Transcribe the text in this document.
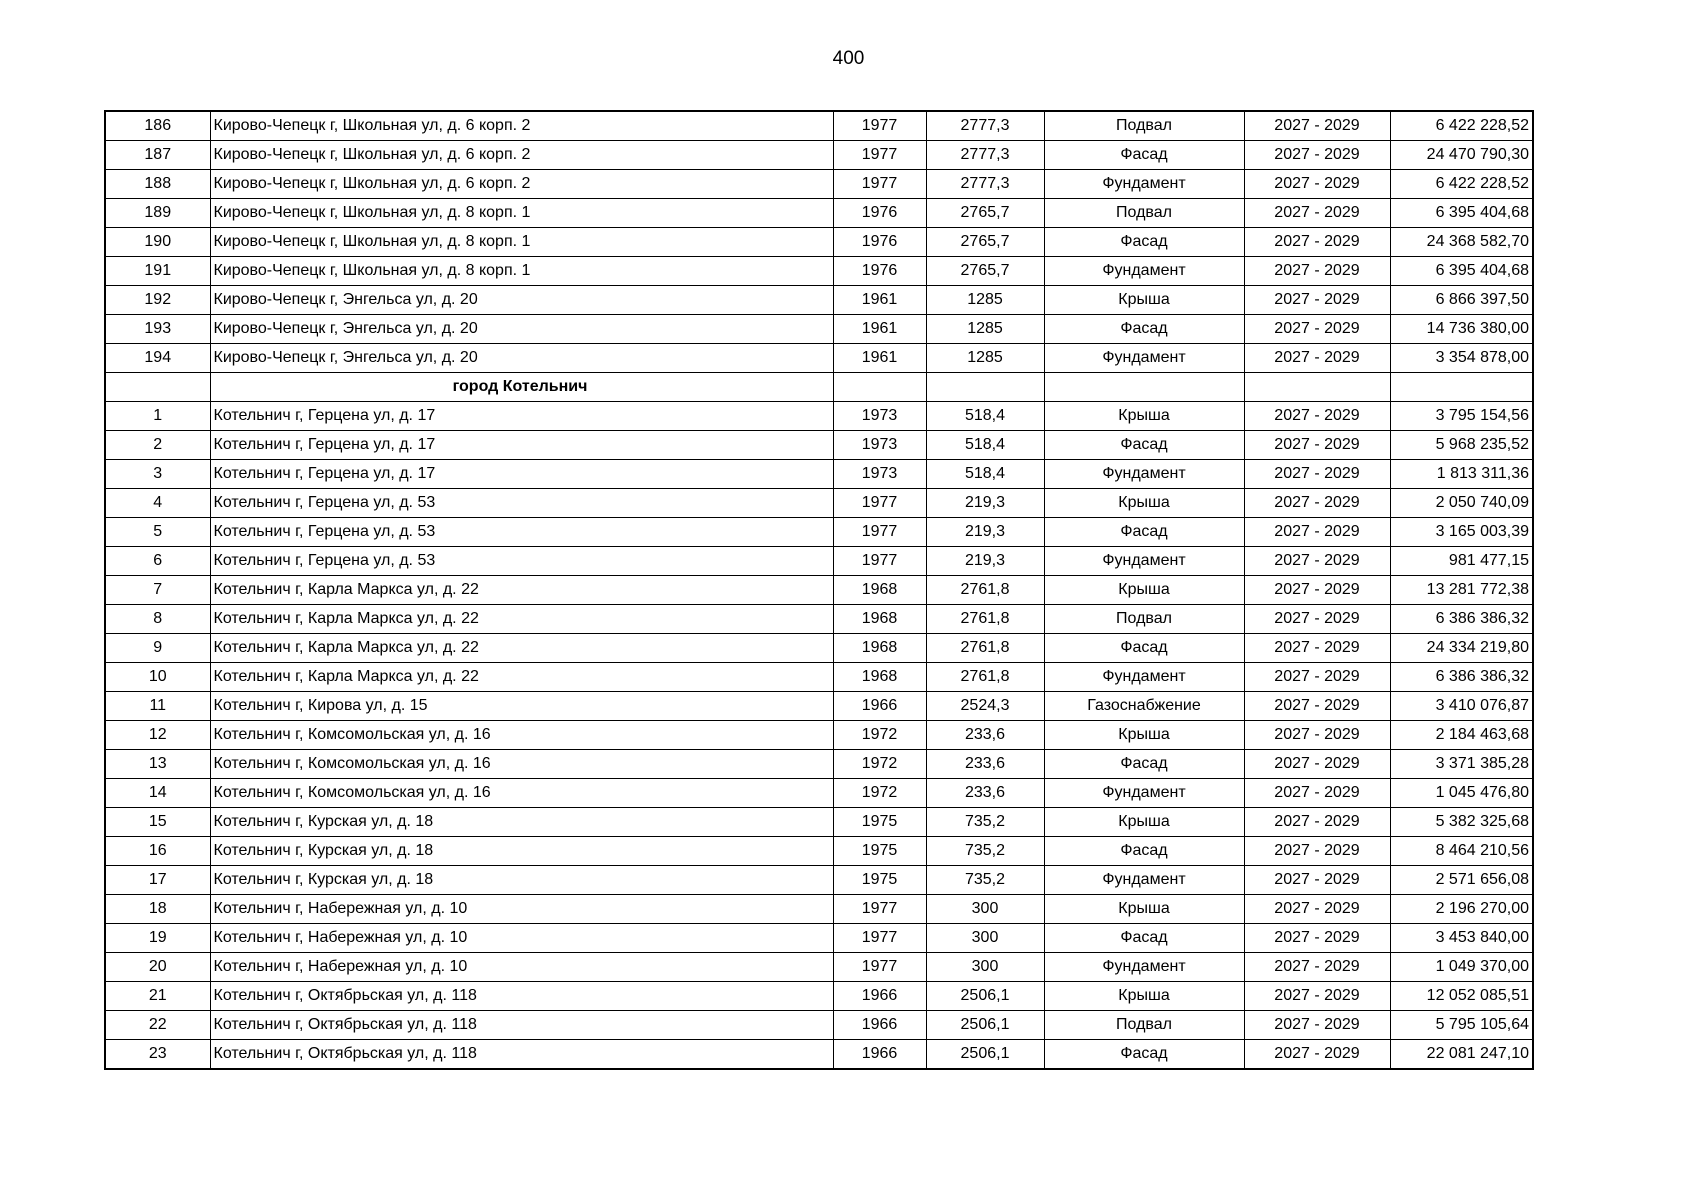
400
186	Кирово-Чепецк г, Школьная ул, д. 6 корп. 2	1977	2777,3	Подвал	2027 - 2029	6 422 228,52
187	Кирово-Чепецк г, Школьная ул, д. 6 корп. 2	1977	2777,3	Фасад	2027 - 2029	24 470 790,30
188	Кирово-Чепецк г, Школьная ул, д. 6 корп. 2	1977	2777,3	Фундамент	2027 - 2029	6 422 228,52
189	Кирово-Чепецк г, Школьная ул, д. 8 корп. 1	1976	2765,7	Подвал	2027 - 2029	6 395 404,68
190	Кирово-Чепецк г, Школьная ул, д. 8 корп. 1	1976	2765,7	Фасад	2027 - 2029	24 368 582,70
191	Кирово-Чепецк г, Школьная ул, д. 8 корп. 1	1976	2765,7	Фундамент	2027 - 2029	6 395 404,68
192	Кирово-Чепецк г, Энгельса ул, д. 20	1961	1285	Крыша	2027 - 2029	6 866 397,50
193	Кирово-Чепецк г, Энгельса ул, д. 20	1961	1285	Фасад	2027 - 2029	14 736 380,00
194	Кирово-Чепецк г, Энгельса ул, д. 20	1961	1285	Фундамент	2027 - 2029	3 354 878,00
	город Котельнич					
1	Котельнич г, Герцена ул, д. 17	1973	518,4	Крыша	2027 - 2029	3 795 154,56
2	Котельнич г, Герцена ул, д. 17	1973	518,4	Фасад	2027 - 2029	5 968 235,52
3	Котельнич г, Герцена ул, д. 17	1973	518,4	Фундамент	2027 - 2029	1 813 311,36
4	Котельнич г, Герцена ул, д. 53	1977	219,3	Крыша	2027 - 2029	2 050 740,09
5	Котельнич г, Герцена ул, д. 53	1977	219,3	Фасад	2027 - 2029	3 165 003,39
6	Котельнич г, Герцена ул, д. 53	1977	219,3	Фундамент	2027 - 2029	981 477,15
7	Котельнич г, Карла Маркса ул, д. 22	1968	2761,8	Крыша	2027 - 2029	13 281 772,38
8	Котельнич г, Карла Маркса ул, д. 22	1968	2761,8	Подвал	2027 - 2029	6 386 386,32
9	Котельнич г, Карла Маркса ул, д. 22	1968	2761,8	Фасад	2027 - 2029	24 334 219,80
10	Котельнич г, Карла Маркса ул, д. 22	1968	2761,8	Фундамент	2027 - 2029	6 386 386,32
11	Котельнич г, Кирова ул, д. 15	1966	2524,3	Газоснабжение	2027 - 2029	3 410 076,87
12	Котельнич г, Комсомольская ул, д. 16	1972	233,6	Крыша	2027 - 2029	2 184 463,68
13	Котельнич г, Комсомольская ул, д. 16	1972	233,6	Фасад	2027 - 2029	3 371 385,28
14	Котельнич г, Комсомольская ул, д. 16	1972	233,6	Фундамент	2027 - 2029	1 045 476,80
15	Котельнич г, Курская ул, д. 18	1975	735,2	Крыша	2027 - 2029	5 382 325,68
16	Котельнич г, Курская ул, д. 18	1975	735,2	Фасад	2027 - 2029	8 464 210,56
17	Котельнич г, Курская ул, д. 18	1975	735,2	Фундамент	2027 - 2029	2 571 656,08
18	Котельнич г, Набережная ул, д. 10	1977	300	Крыша	2027 - 2029	2 196 270,00
19	Котельнич г, Набережная ул, д. 10	1977	300	Фасад	2027 - 2029	3 453 840,00
20	Котельнич г, Набережная ул, д. 10	1977	300	Фундамент	2027 - 2029	1 049 370,00
21	Котельнич г, Октябрьская ул, д. 118	1966	2506,1	Крыша	2027 - 2029	12 052 085,51
22	Котельнич г, Октябрьская ул, д. 118	1966	2506,1	Подвал	2027 - 2029	5 795 105,64
23	Котельнич г, Октябрьская ул, д. 118	1966	2506,1	Фасад	2027 - 2029	22 081 247,10
